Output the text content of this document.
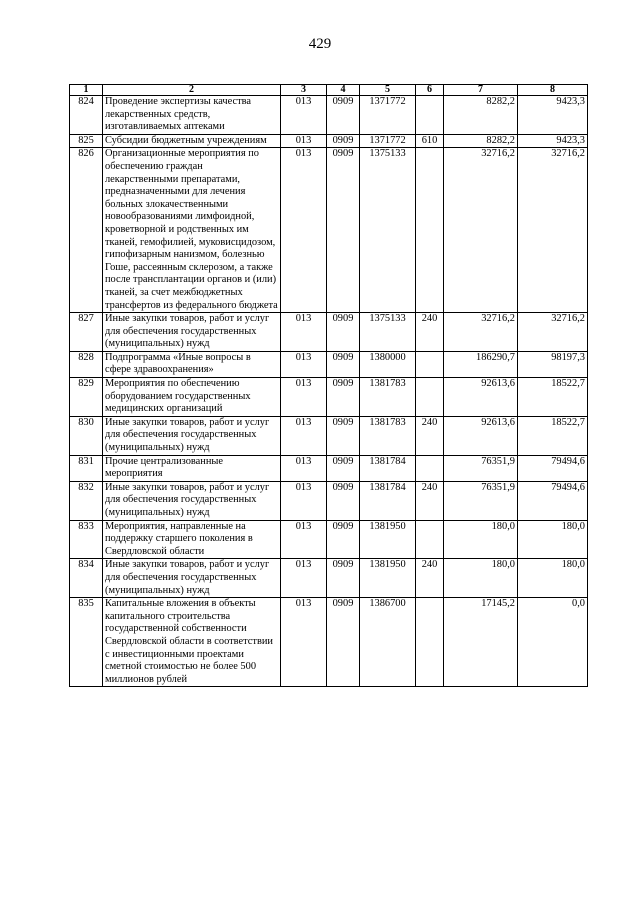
429
1	2	3	4	5	6	7	8
824	Проведение экспертизы качества лекарственных средств, изготавливаемых аптеками	013	0909	1371772		8282,2	9423,3
825	Субсидии бюджетным учреждениям	013	0909	1371772	610	8282,2	9423,3
826	Организационные мероприятия по обеспечению граждан лекарственными препаратами, предназначенными для лечения больных злокачественными новообразованиями лимфоидной, кроветворной и родственных им тканей, гемофилией, муковисцидозом, гипофизарным нанизмом, болезнью Гоше, рассеянным склерозом, а также после трансплантации органов и (или) тканей, за счет межбюджетных трансфертов из федерального бюджета	013	0909	1375133		32716,2	32716,2
827	Иные закупки товаров, работ и услуг для обеспечения государственных (муниципальных) нужд	013	0909	1375133	240	32716,2	32716,2
828	Подпрограмма «Иные вопросы в сфере здравоохранения»	013	0909	1380000		186290,7	98197,3
829	Мероприятия по обеспечению оборудованием государственных медицинских организаций	013	0909	1381783		92613,6	18522,7
830	Иные закупки товаров, работ и услуг для обеспечения государственных (муниципальных) нужд	013	0909	1381783	240	92613,6	18522,7
831	Прочие централизованные мероприятия	013	0909	1381784		76351,9	79494,6
832	Иные закупки товаров, работ и услуг для обеспечения государственных (муниципальных) нужд	013	0909	1381784	240	76351,9	79494,6
833	Мероприятия, направленные на поддержку старшего поколения в Свердловской области	013	0909	1381950		180,0	180,0
834	Иные закупки товаров, работ и услуг для обеспечения государственных (муниципальных) нужд	013	0909	1381950	240	180,0	180,0
835	Капитальные вложения в объекты капитального строительства государственной собственности Свердловской области в соответствии с инвестиционными проектами сметной стоимостью не более 500 миллионов рублей	013	0909	1386700		17145,2	0,0
